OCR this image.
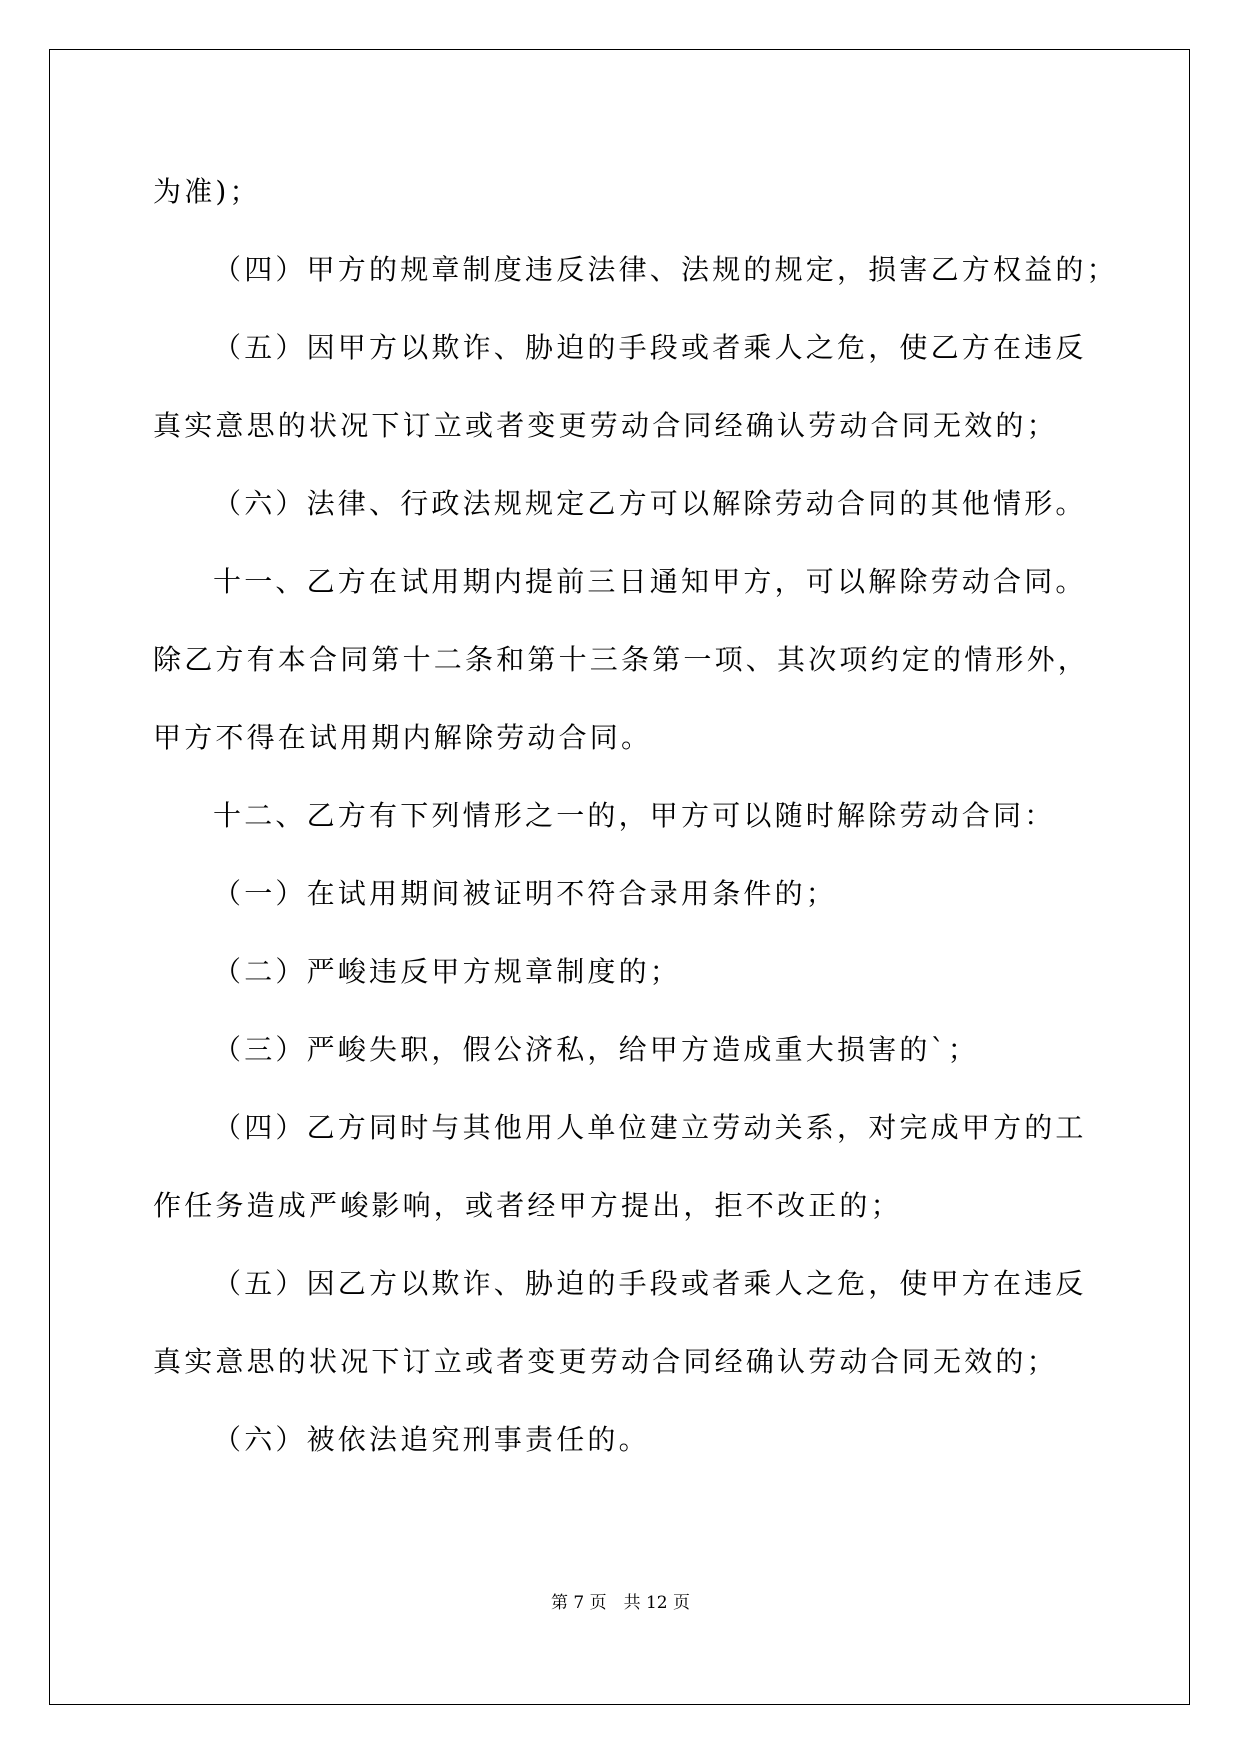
为准)；
（四）甲方的规章制度违反法律、法规的规定，损害乙方权益的；
（五）因甲方以欺诈、胁迫的手段或者乘人之危，使乙方在违反
真实意思的状况下订立或者变更劳动合同经确认劳动合同无效的；
（六）法律、行政法规规定乙方可以解除劳动合同的其他情形。
十一、乙方在试用期内提前三日通知甲方，可以解除劳动合同。
除乙方有本合同第十二条和第十三条第一项、其次项约定的情形外，
甲方不得在试用期内解除劳动合同。
十二、乙方有下列情形之一的，甲方可以随时解除劳动合同：
（一）在试用期间被证明不符合录用条件的；
（二）严峻违反甲方规章制度的；
（三）严峻失职，假公济私，给甲方造成重大损害的`；
（四）乙方同时与其他用人单位建立劳动关系，对完成甲方的工
作任务造成严峻影响，或者经甲方提出，拒不改正的；
（五）因乙方以欺诈、胁迫的手段或者乘人之危，使甲方在违反
真实意思的状况下订立或者变更劳动合同经确认劳动合同无效的；
（六）被依法追究刑事责任的。
第 7 页　共 12 页
